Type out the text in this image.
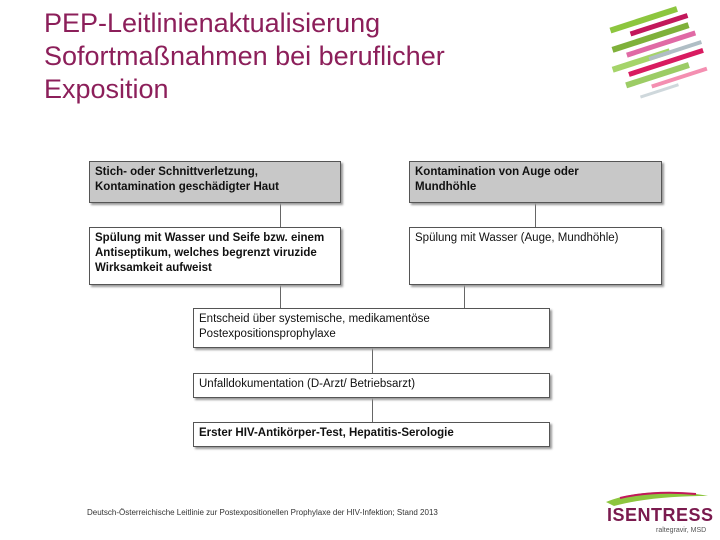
PEP-Leitlinienaktualisierung
Sofortmaßnahmen bei beruflicher
Exposition
Stich- oder Schnittverletzung,
Kontamination geschädigter Haut
Kontamination von Auge oder
Mundhöhle
Spülung mit Wasser und Seife bzw. einem
Antiseptikum, welches begrenzt viruzide
Wirksamkeit aufweist
Spülung mit Wasser (Auge, Mundhöhle)
Entscheid über systemische, medikamentöse
Postexpositionsprophylaxe
Unfalldokumentation (D-Arzt/ Betriebsarzt)
Erster HIV-Antikörper-Test, Hepatitis-Serologie
Deutsch-Österreichische Leitlinie zur Postexpositionellen Prophylaxe der HIV-Infektion; Stand 2013	ISENTRESS
raltegravir, MSD
